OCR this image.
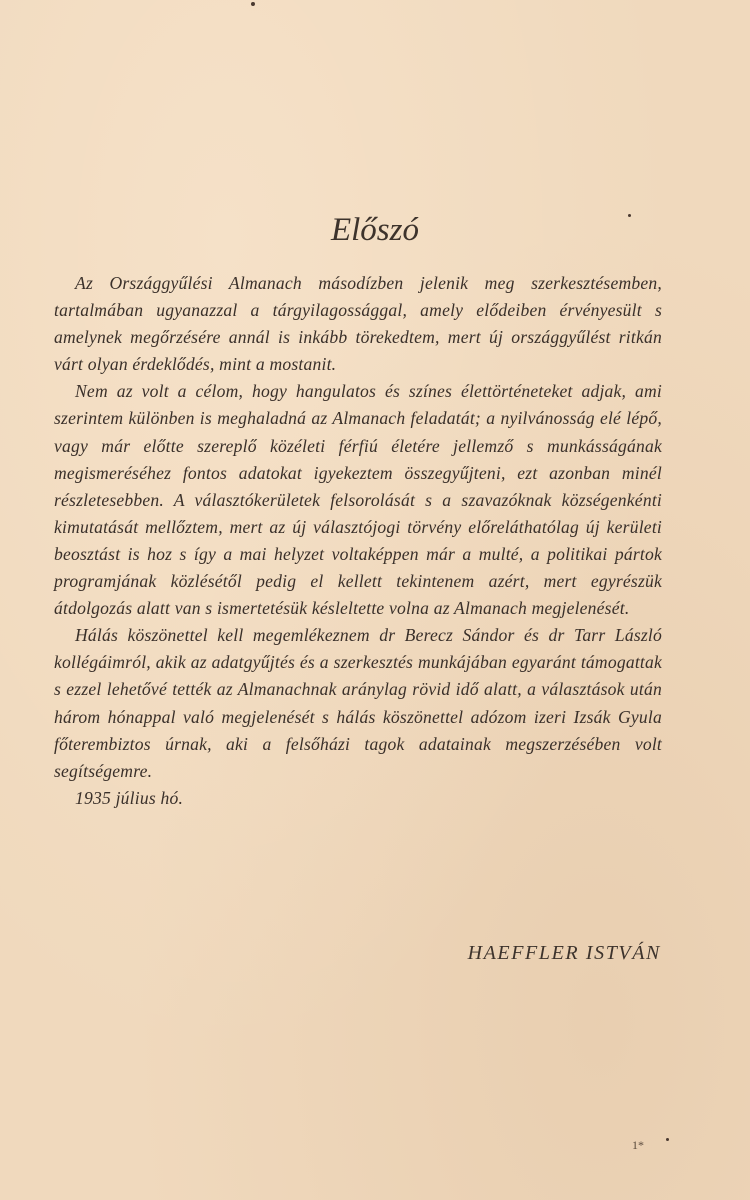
Előszó

Az Országgyűlési Almanach másodízben jelenik meg szerkesztésemben, tartalmában ugyanazzal a tárgyilagossággal, amely elődeiben érvényesült s amelynek megőrzésére annál is inkább törekedtem, mert új országgyűlést ritkán várt olyan érdeklődés, mint a mostanit.

Nem az volt a célom, hogy hangulatos és színes élettörténeteket adjak, ami szerintem különben is meghaladná az Almanach feladatát; a nyilvánosság elé lépő, vagy már előtte szereplő közéleti férfiú életére jellemző s munkásságának megismeréséhez fontos adatokat igyekeztem összegyűjteni, ezt azonban minél részletesebben. A választókerületek felsorolását s a szavazóknak községenkénti kimutatását mellőztem, mert az új választójogi törvény előreláthatólag új kerületi beosztást is hoz s így a mai helyzet voltaképpen már a multé, a politikai pártok programjának közlésétől pedig el kellett tekintenem azért, mert egyrészük átdolgozás alatt van s ismertetésük késleltette volna az Almanach megjelenését.

Hálás köszönettel kell megemlékeznem dr Berecz Sándor és dr Tarr László kollégáimról, akik az adatgyűjtés és a szerkesztés munkájában egyaránt támogattak s ezzel lehetővé tették az Almanachnak aránylag rövid idő alatt, a választások után három hónappal való megjelenését s hálás köszönettel adózom izeri Izsák Gyula főterembiztos úrnak, aki a felsőházi tagok adatainak megszerzésében volt segítségemre.

1935 július hó.

HAEFFLER ISTVÁN
1*
